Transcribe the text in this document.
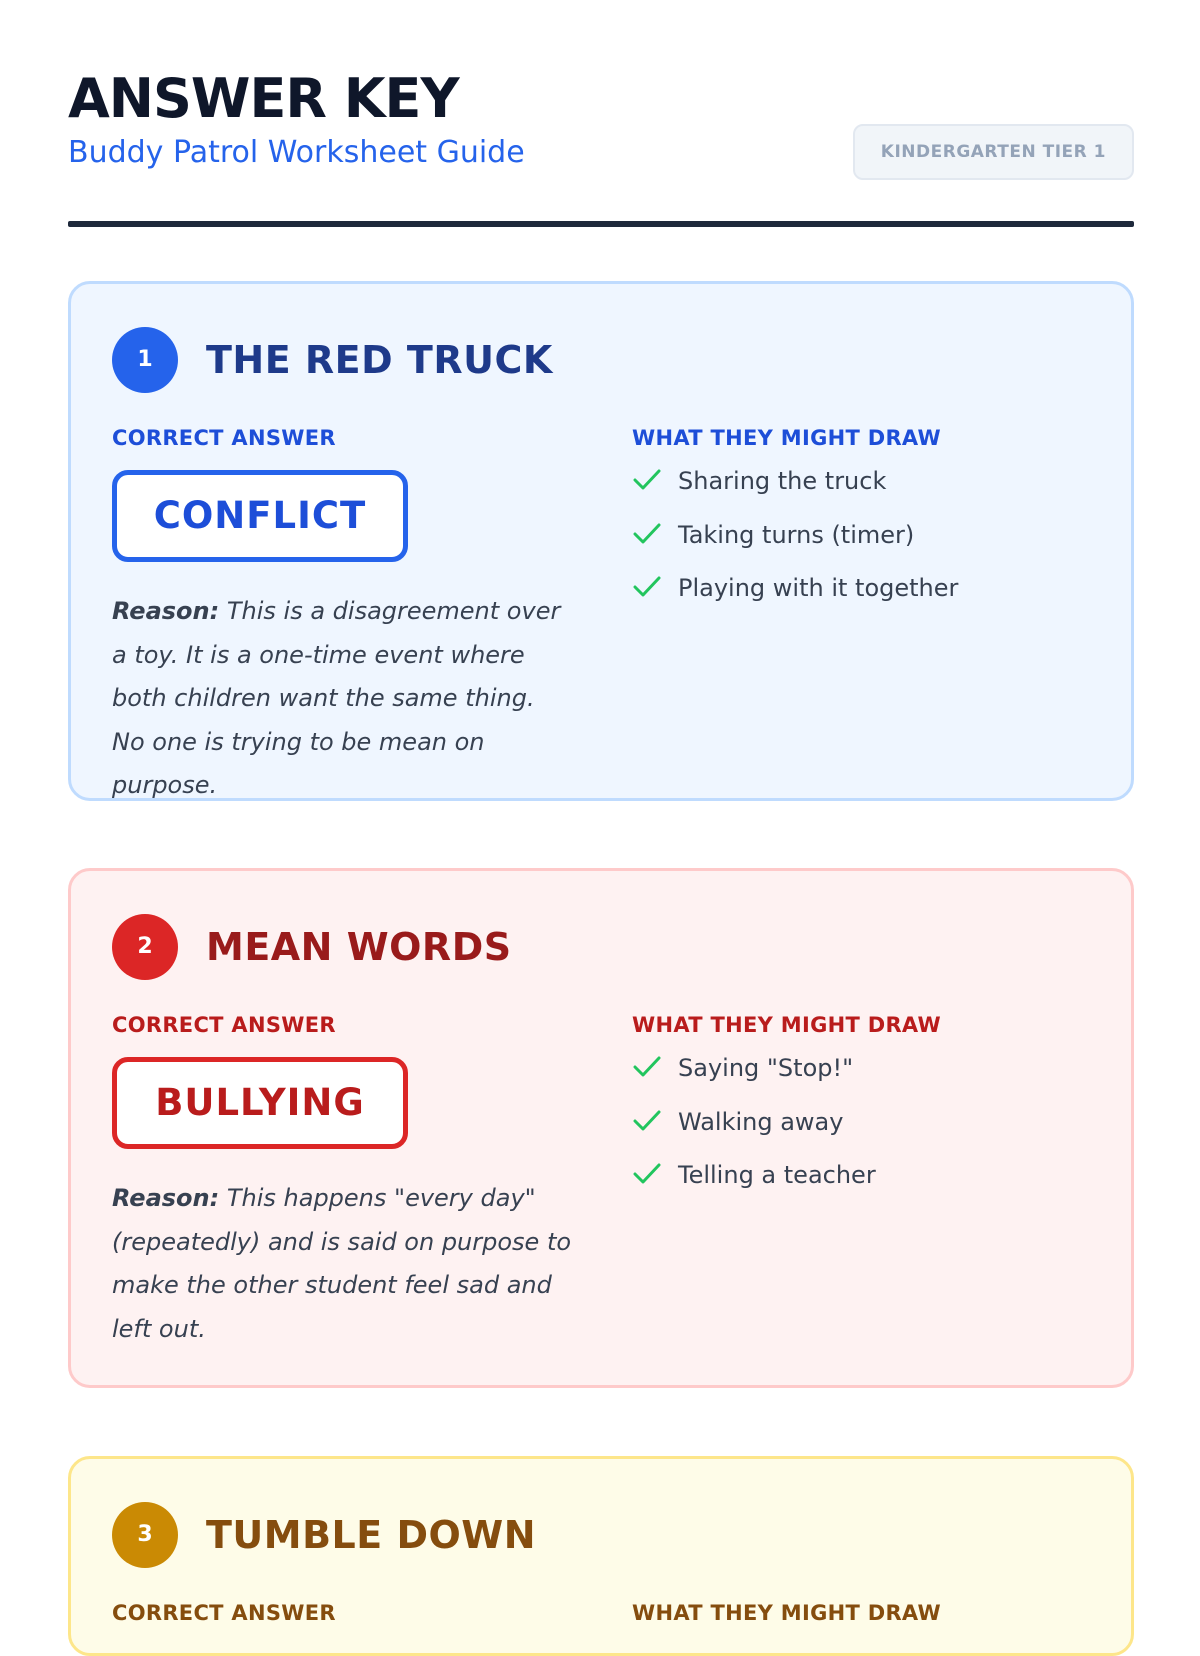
ANSWER KEY
Buddy Patrol Worksheet Guide	KINDERGARTEN TIER 1
1	THE RED TRUCK
CORRECT ANSWER	WHAT THEY MIGHT DRAW
CONFLICT
Reason: This is a disagreement over a toy. It is a one-time event where both children want the same thing. No one is trying to be mean on purpose.
Sharing the truck
Taking turns (timer)
Playing with it together
2	MEAN WORDS
CORRECT ANSWER	WHAT THEY MIGHT DRAW
BULLYING
Reason: This happens "every day" (repeatedly) and is said on purpose to make the other student feel sad and left out.
Saying "Stop!"
Walking away
Telling a teacher
3	TUMBLE DOWN
CORRECT ANSWER	WHAT THEY MIGHT DRAW
